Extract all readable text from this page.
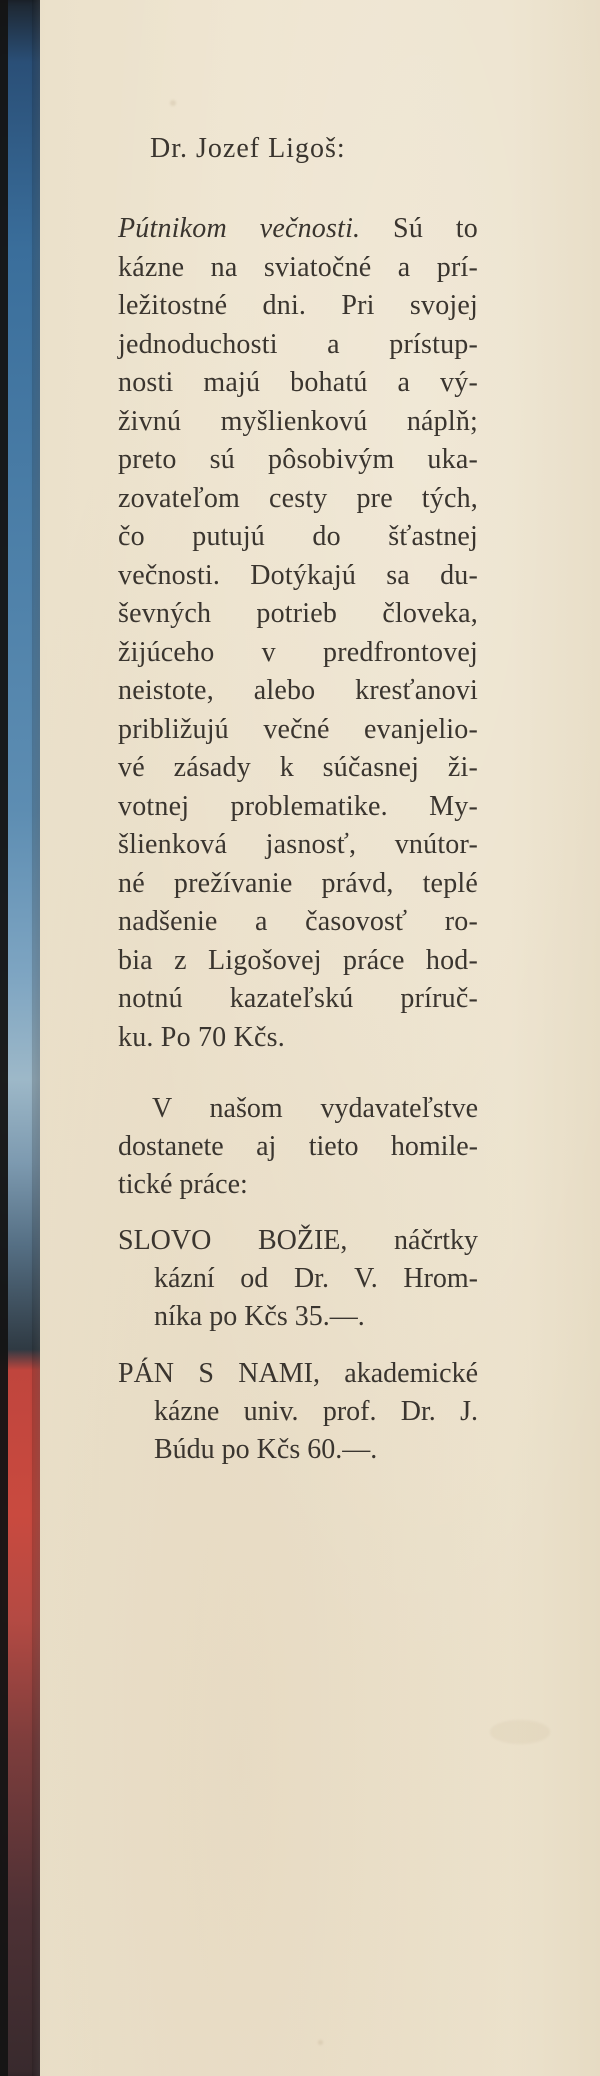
Dr. Jozef Ligoš:
Pútnikom večnosti. Sú to
kázne na sviatočné a prí-
ležitostné dni. Pri svojej
jednoduchosti a prístup-
nosti majú bohatú a vý-
živnú myšlienkovú náplň;
preto sú pôsobivým uka-
zovateľom cesty pre tých,
čo putujú do šťastnej
večnosti. Dotýkajú sa du-
ševných potrieb človeka,
žijúceho v predfrontovej
neistote, alebo kresťanovi
približujú večné evanjelio-
vé zásady k súčasnej ži-
votnej problematike. My-
šlienková jasnosť, vnútor-
né prežívanie právd, teplé
nadšenie a časovosť ro-
bia z Ligošovej práce hod-
notnú kazateľskú príruč-
ku. Po 70 Kčs.
V našom vydavateľstve
dostanete aj tieto homile-
tické práce:
SLOVO BOŽIE, náčrtky
kázní od Dr. V. Hrom-
níka po Kčs 35.—.
PÁN S NAMI, akademické
kázne univ. prof. Dr. J.
Búdu po Kčs 60.—.
